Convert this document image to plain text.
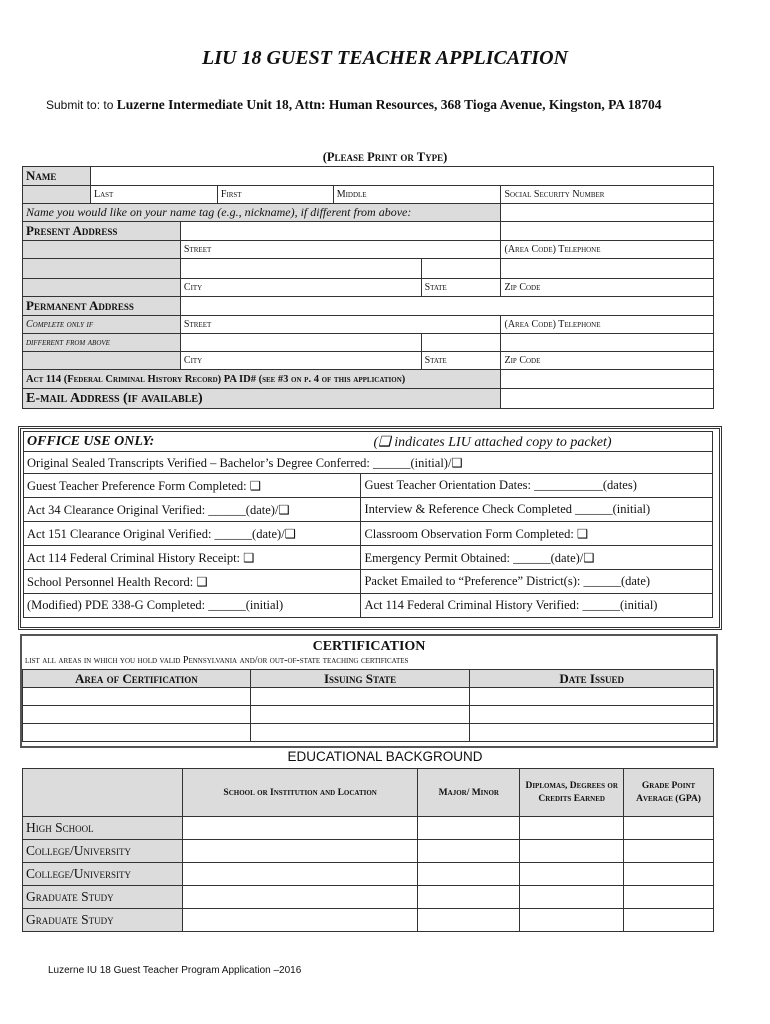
LIU 18 GUEST TEACHER APPLICATION
Submit to: to Luzerne Intermediate Unit 18, Attn: Human Resources, 368 Tioga Avenue, Kingston, PA 18704
(Please Print or Type)
Name						
	Last		First	Middle		Social Security Number
Name you would like on your name tag (e.g., nickname), if different from above:						
Present Address						
		Street				(Area Code) Telephone

		City			State	Zip Code
Permanent Address						
Complete only if		Street				(Area Code) Telephone
different from above						
		City			State	Zip Code
Act 114 (Federal Criminal History Record) PA ID# (see #3 on p. 4 of this application)						
E-mail Address (if available)						
OFFICE USE ONLY: (❑ indicates LIU attached copy to packet)	

Original Sealed Transcripts Verified – Bachelor’s Degree Conferred: ______(initial)/❑	
Guest Teacher Preference Form Completed: ❑	Guest Teacher Orientation Dates: ___________(dates)
Act 34 Clearance Original Verified: ______(date)/❑	Interview & Reference Check Completed ______(initial)
Act 151 Clearance Original Verified: ______(date)/❑	Classroom Observation Form Completed: ❑
Act 114 Federal Criminal History Receipt: ❑	Emergency Permit Obtained: ______(date)/❑
School Personnel Health Record: ❑	Packet Emailed to “Preference” District(s): ______(date)
(Modified) PDE 338-G Completed: ______(initial)	Act 114 Federal Criminal History Verified: ______(initial)
CERTIFICATION
list all areas in which you hold valid Pennsylvania and/or out-of-state teaching certificates
Area of Certification	Issuing State	Date Issued

EDUCATIONAL BACKGROUND
	School or Institution and Location	Major/ Minor	Diplomas, Degrees or Credits Earned	Grade Point Average (GPA)
High School				
College/University				
College/University				
Graduate Study				
Graduate Study				
Luzerne IU 18 Guest Teacher Program Application –2016
